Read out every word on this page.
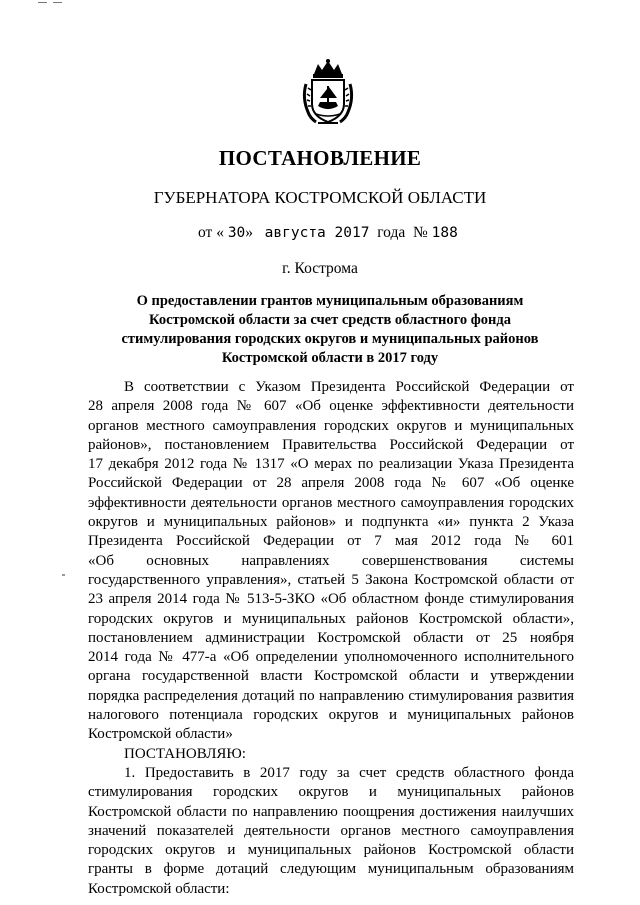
ПОСТАНОВЛЕНИЕ
ГУБЕРНАТОРА КОСТРОМСКОЙ ОБЛАСТИ
от « 30» августа 2017 года № 188
г. Кострома
О предоставлении грантов муниципальным образованиям
Костромской области за счет средств областного фонда
стимулирования городских округов и муниципальных районов
Костромской области в 2017 году
В соответствии с Указом Президента Российской Федерации от
28 апреля 2008 года № 607 «Об оценке эффективности деятельности
органов местного самоуправления городских округов и муниципальных
районов», постановлением Правительства Российской Федерации от
17 декабря 2012 года № 1317 «О мерах по реализации Указа Президента
Российской Федерации от 28 апреля 2008 года № 607 «Об оценке
эффективности деятельности органов местного самоуправления городских
округов и муниципальных районов» и подпункта «и» пункта 2 Указа
Президента Российской Федерации от 7 мая 2012 года № 601
«Об основных направлениях совершенствования системы
государственного управления», статьей 5 Закона Костромской области от
23 апреля 2014 года № 513-5-ЗКО «Об областном фонде стимулирования
городских округов и муниципальных районов Костромской области»,
постановлением администрации Костромской области от 25 ноября
2014 года № 477-а «Об определении уполномоченного исполнительного
органа государственной власти Костромской области и утверждении
порядка распределения дотаций по направлению стимулирования развития
налогового потенциала городских округов и муниципальных районов
Костромской области»
ПОСТАНОВЛЯЮ:
1. Предоставить в 2017 году за счет средств областного фонда
стимулирования городских округов и муниципальных районов
Костромской области по направлению поощрения достижения наилучших
значений показателей деятельности органов местного самоуправления
городских округов и муниципальных районов Костромской области
гранты в форме дотаций следующим муниципальным образованиям
Костромской области:
